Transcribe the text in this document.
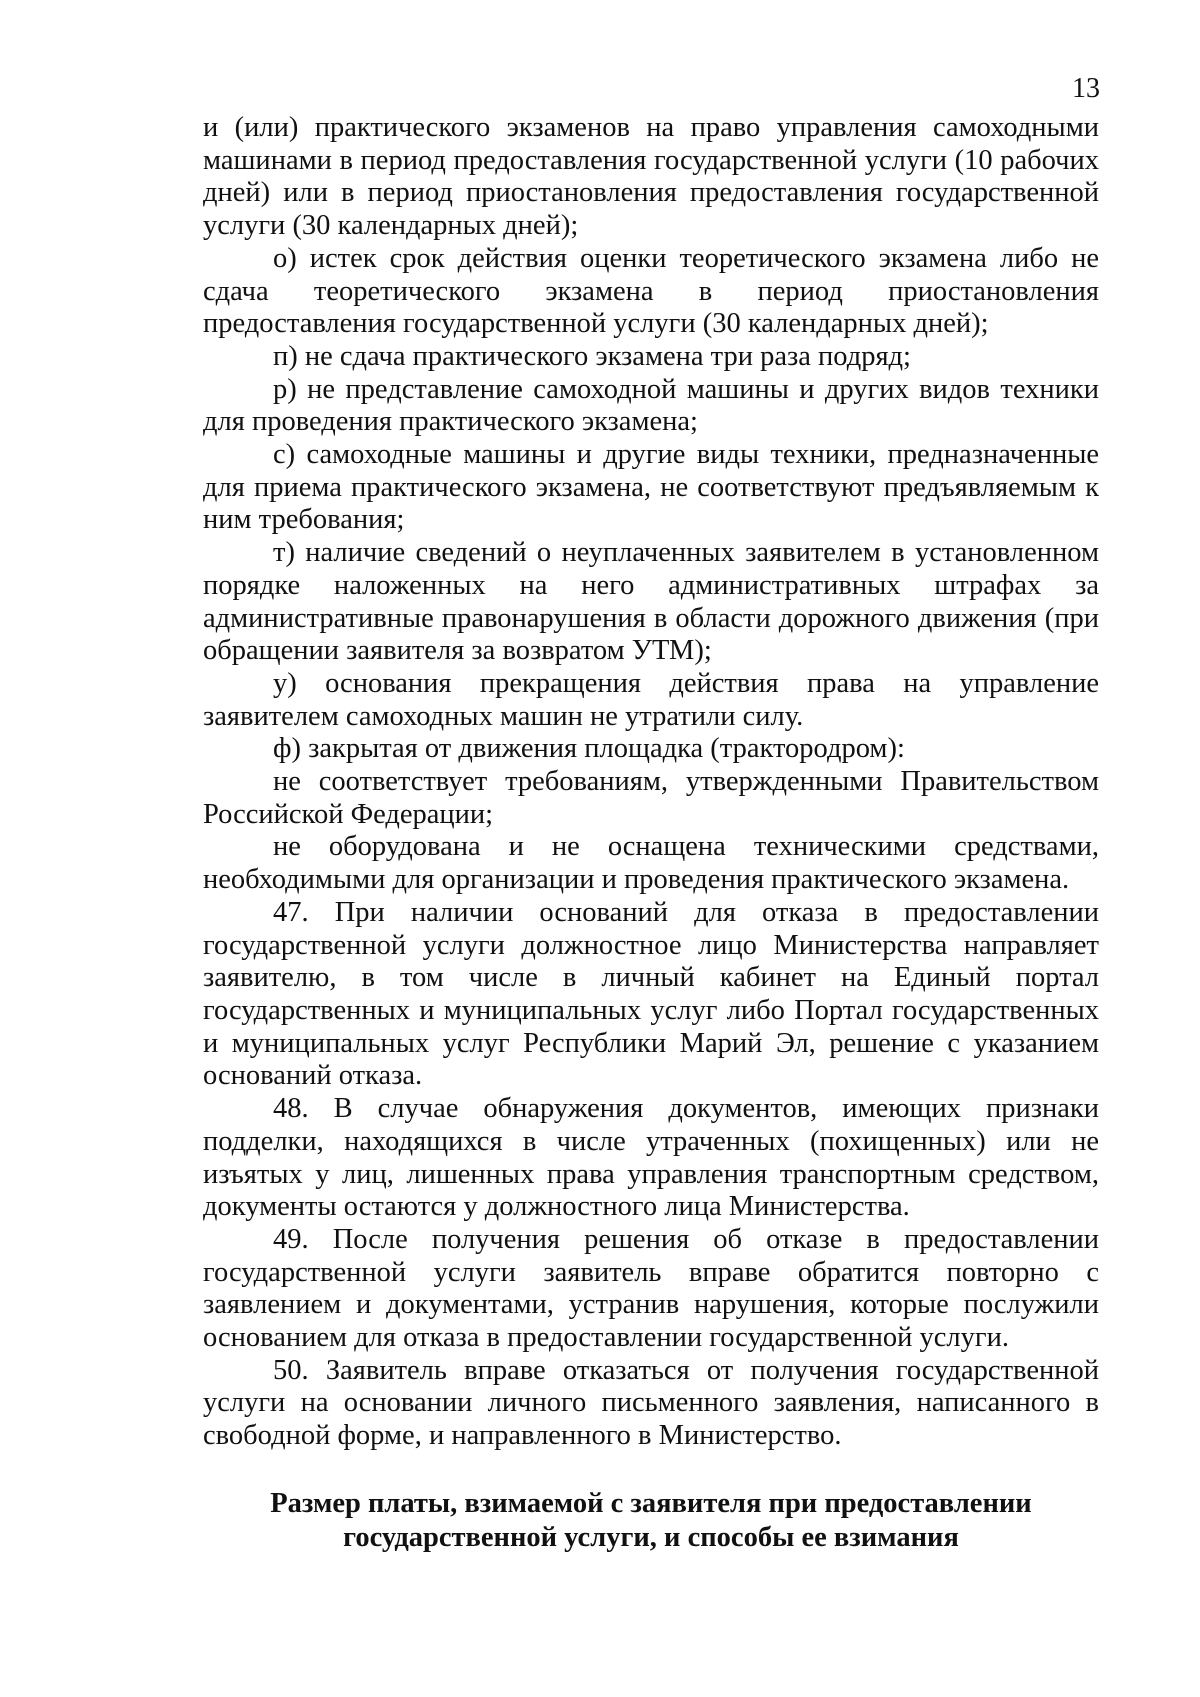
13

и (или) практического экзаменов на право управления самоходными машинами в период предоставления государственной услуги (10 рабочих дней) или в период приостановления предоставления государственной услуги (30 календарных дней);

о) истек срок действия оценки теоретического экзамена либо не сдача теоретического экзамена в период приостановления предоставления государственной услуги (30 календарных дней);

п) не сдача практического экзамена три раза подряд;

р) не представление самоходной машины и других видов техники для проведения практического экзамена;

с) самоходные машины и другие виды техники, предназначенные для приема практического экзамена, не соответствуют предъявляемым к ним требования;

т) наличие сведений о неуплаченных заявителем в установленном порядке наложенных на него административных штрафах за административные правонарушения в области дорожного движения (при обращении заявителя за возвратом УТМ);

у) основания прекращения действия права на управление заявителем самоходных машин не утратили силу.

ф) закрытая от движения площадка (трактородром):

не соответствует требованиям, утвержденными Правительством Российской Федерации;

не оборудована и не оснащена техническими средствами, необходимыми для организации и проведения практического экзамена.

47. При наличии оснований для отказа в предоставлении государственной услуги должностное лицо Министерства направляет заявителю, в том числе в личный кабинет на Единый портал государственных и муниципальных услуг либо Портал государственных и муниципальных услуг Республики Марий Эл, решение с указанием оснований отказа.

48. В случае обнаружения документов, имеющих признаки подделки, находящихся в числе утраченных (похищенных) или не изъятых у лиц, лишенных права управления транспортным средством, документы остаются у должностного лица Министерства.

49. После получения решения об отказе в предоставлении государственной услуги заявитель вправе обратится повторно с заявлением и документами, устранив нарушения, которые послужили основанием для отказа в предоставлении государственной услуги.

50. Заявитель вправе отказаться от получения государственной услуги на основании личного письменного заявления, написанного в свободной форме, и направленного в Министерство.

Размер платы, взимаемой с заявителя при предоставлении
государственной услуги, и способы ее взимания
